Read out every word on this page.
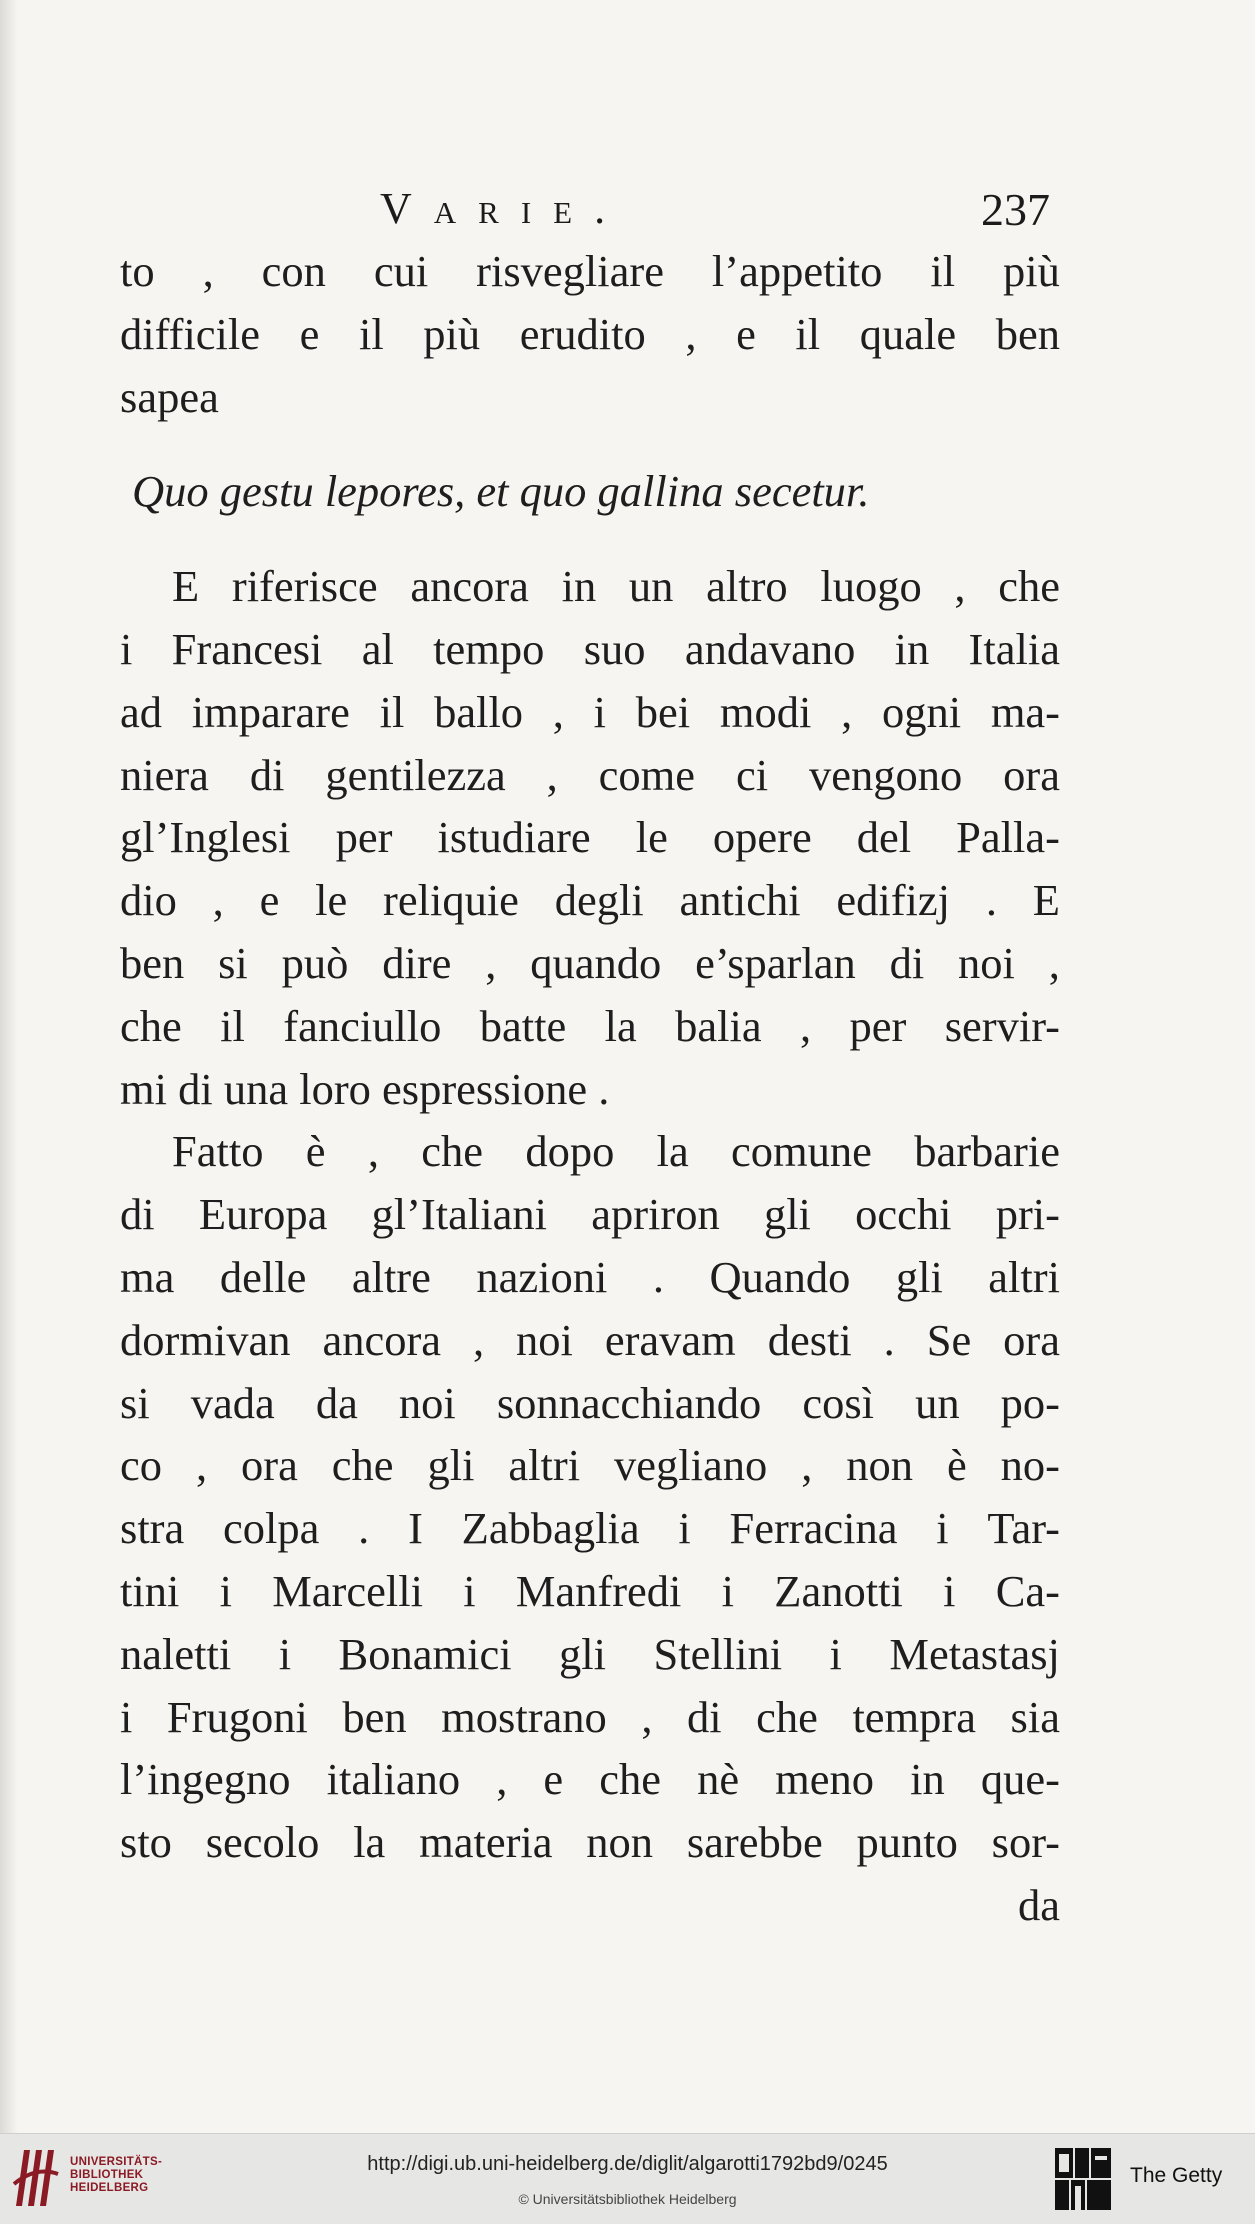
Varie.	237
to , con cui risvegliare l’appetito il più
difficile e il più erudito , e il quale ben
sapea
Quo gestu lepores, et quo gallina secetur.
E riferisce ancora in un altro luogo , che
i Francesi al tempo suo andavano in Italia
ad imparare il ballo , i bei modi , ogni ma-
niera di gentilezza , come ci vengono ora
gl’Inglesi per istudiare le opere del Palla-
dio , e le reliquie degli antichi edifizj . E
ben si può dire , quando e’sparlan di noi ,
che il fanciullo batte la balia , per servir-
mi di una loro espressione .
Fatto è , che dopo la comune barbarie
di Europa gl’Italiani apriron gli occhi pri-
ma delle altre nazioni . Quando gli altri
dormivan ancora , noi eravam desti . Se ora
si vada da noi sonnacchiando così un po-
co , ora che gli altri vegliano , non è no-
stra colpa . I Zabbaglia i Ferracina i Tar-
tini i Marcelli i Manfredi i Zanotti i Ca-
naletti i Bonamici gli Stellini i Metastasj
i Frugoni ben mostrano , di che tempra sia
l’ingegno italiano , e che nè meno in que-
sto secolo la materia non sarebbe punto sor-
da
UNIVERSITÄTS-
BIBLIOTHEK
HEIDELBERG
http://digi.ub.uni-heidelberg.de/diglit/algarotti1792bd9/0245
© Universitätsbibliothek Heidelberg
The Getty
